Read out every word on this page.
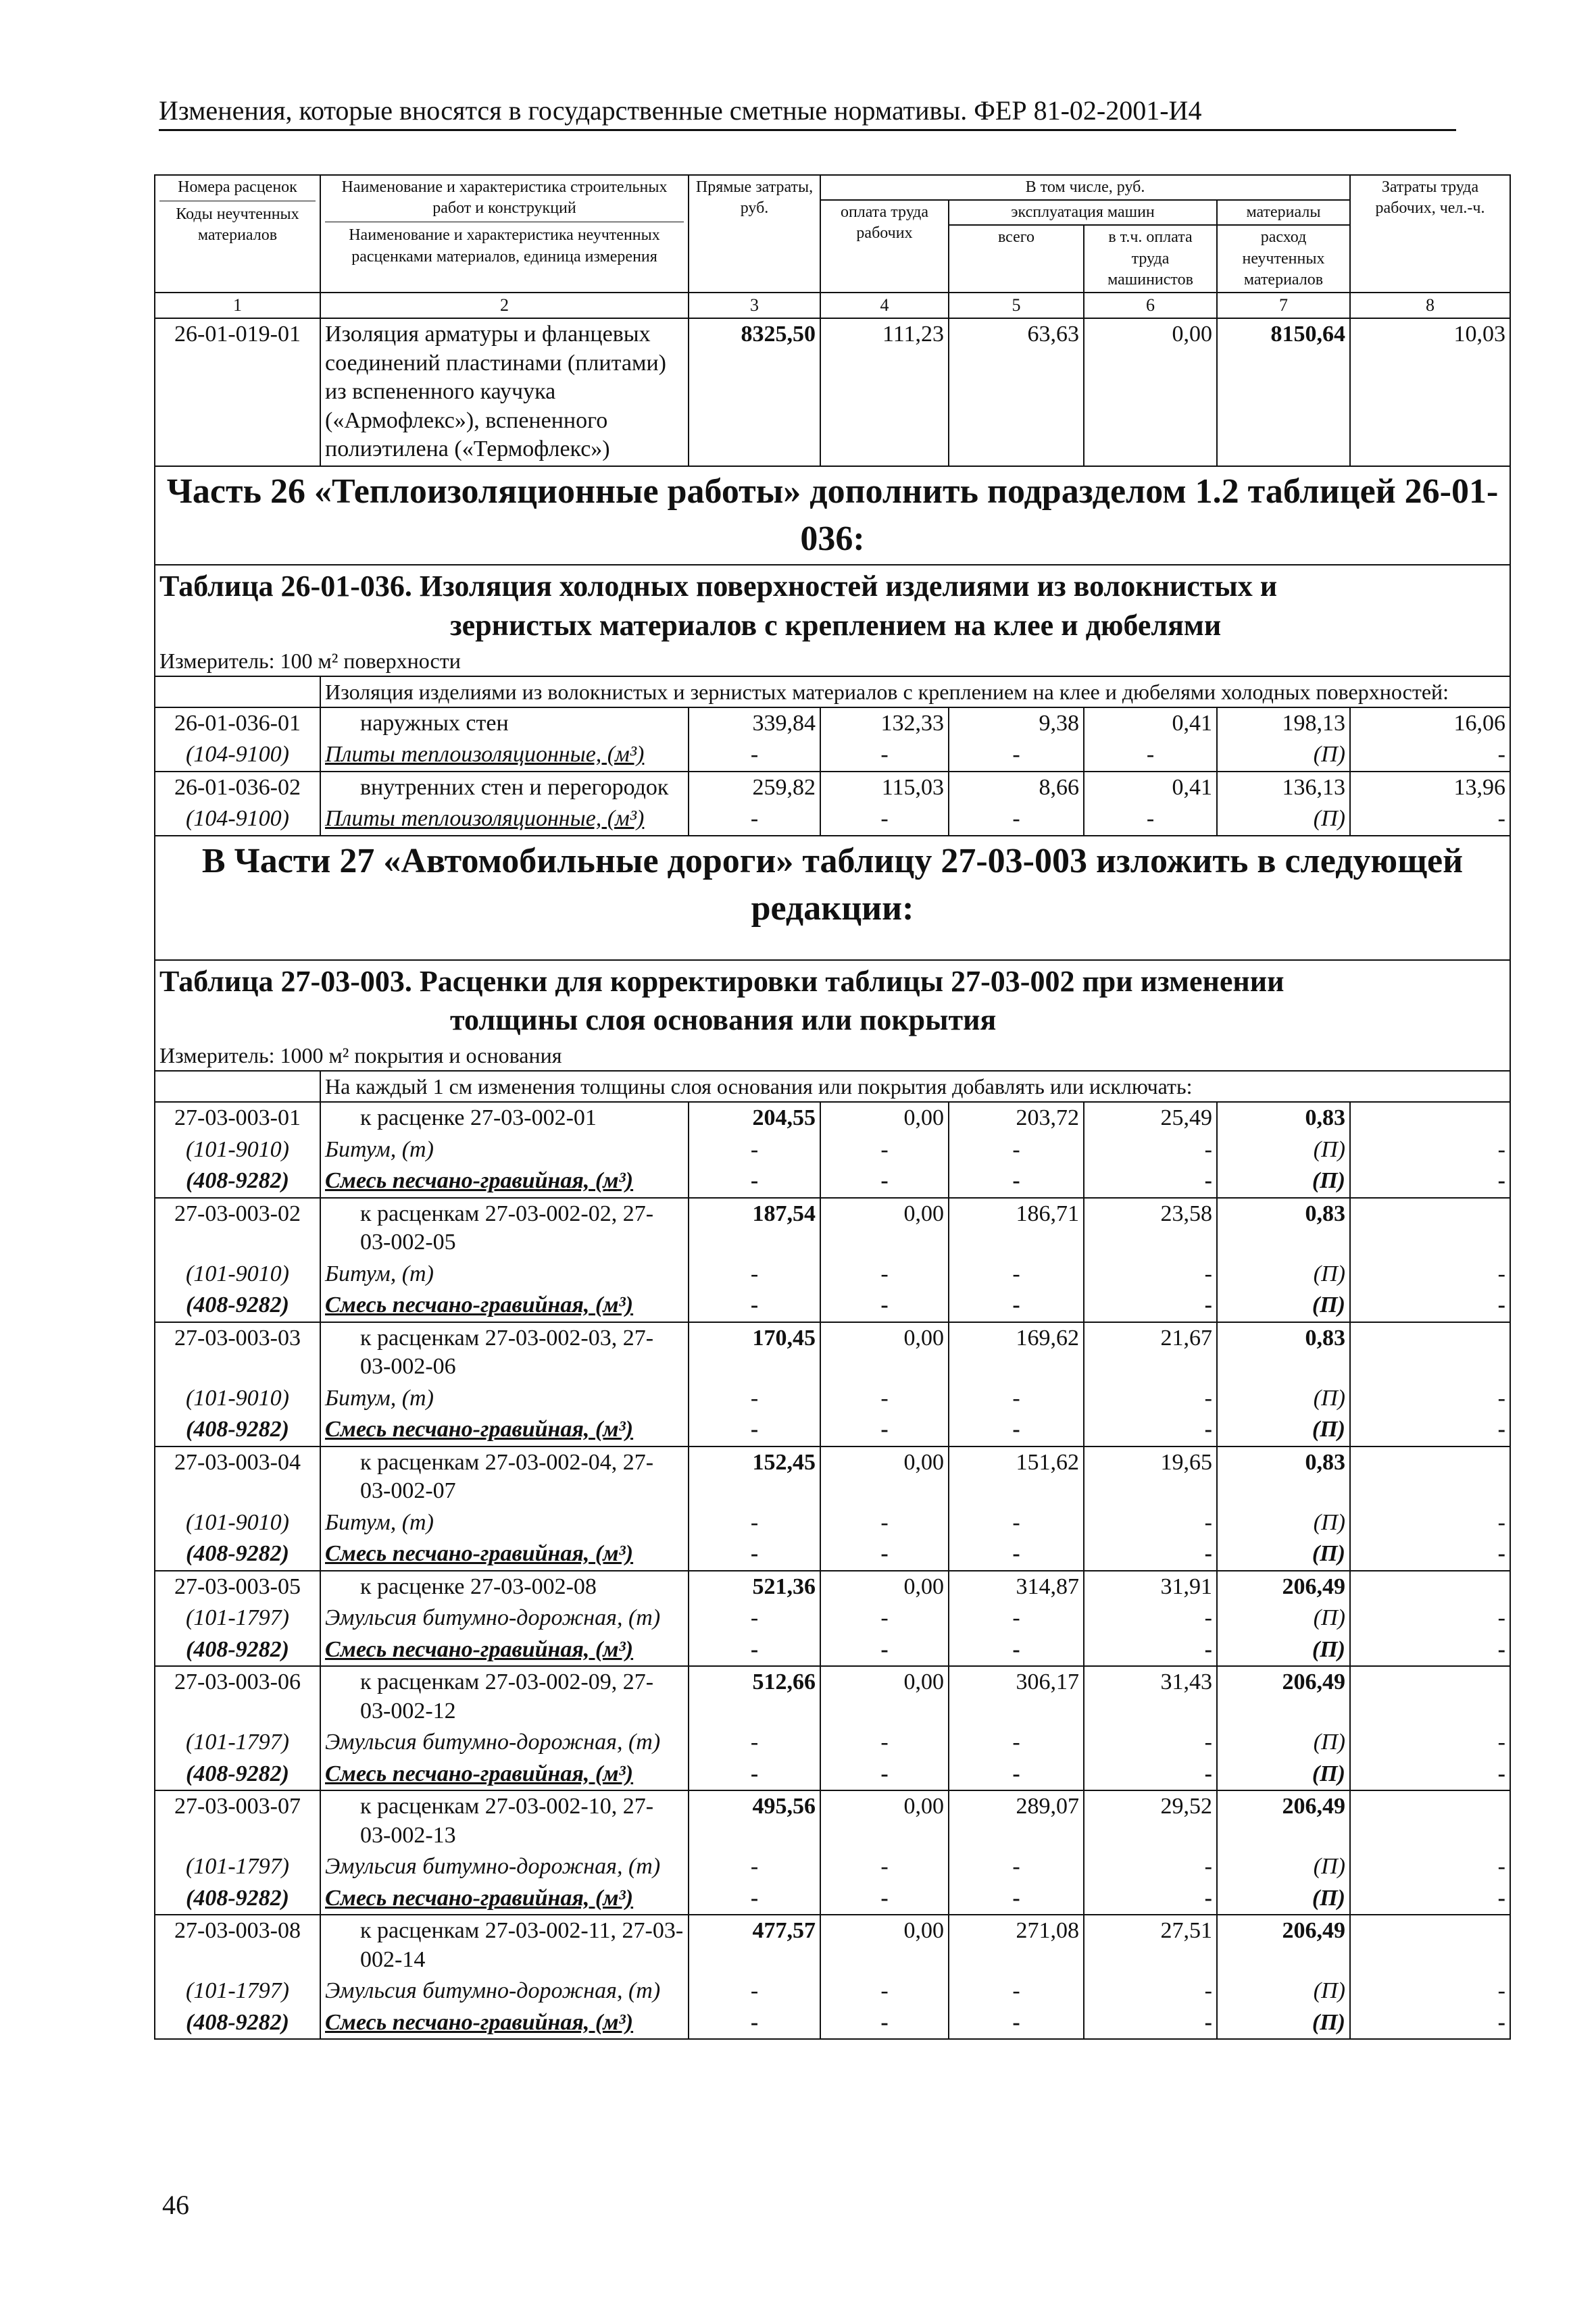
Изменения, которые вносятся в государственные сметные нормативы. ФЕР 81-02-2001-И4
Номера расценок
Коды неучтенных материалов	Наименование и характеристика строительных работ и конструкций
Наименование и характеристика неучтенных расценками материалов, единица измерения	Прямые затраты, руб.	В том числе, руб.				Затраты труда рабочих, чел.-ч.
			оплата труда рабочих	эксплуатация машин		материалы	
				всего	в т.ч. оплата труда машинистов	расход неучтенных материалов	
1	2	3	4	5	6	7	8
26-01-019-01	Изоляция арматуры и фланцевых соединений пластинами (плитами) из вспененного каучука («Армофлекс»), вспененного полиэтилена («Термофлекс»)	8325,50	111,23	63,63	0,00	8150,64	10,03
Часть 26 «Теплоизоляционные работы» дополнить подразделом 1.2 таблицей 26-01-036:							
Таблица 26-01-036. Изоляция холодных поверхностей изделиями из волокнистых и
зернистых материалов с креплением на клее и дюбелями							

Измеритель: 100 м² поверхности							
	Изоляция изделиями из волокнистых и зернистых материалов с креплением на клее и дюбелями холодных поверхностей:						
26-01-036-01	наружных стен	339,84	132,33	9,38	0,41	198,13	16,06
(104-9100)	Плиты теплоизоляционные, (м³)	-	-	-	-	(П)	-
26-01-036-02	внутренних стен и перегородок	259,82	115,03	8,66	0,41	136,13	13,96
(104-9100)	Плиты теплоизоляционные, (м³)	-	-	-	-	(П)	-
В Части 27 «Автомобильные дороги» таблицу 27-03-003 изложить в следующей редакции:							
Таблица 27-03-003. Расценки для корректировки таблицы 27-03-002 при изменении
толщины слоя основания или покрытия							

Измеритель: 1000 м² покрытия и основания							
	На каждый 1 см изменения толщины слоя основания или покрытия добавлять или исключать:						
27-03-003-01	к расценке 27-03-002-01	204,55	0,00	203,72	25,49	0,83	
(101-9010)	Битум, (т)	-	-	-	-	(П)	-
(408-9282)	Смесь песчано-гравийная, (м³)	-	-	-	-	(П)	-
27-03-003-02	к расценкам 27-03-002-02, 27-03-002-05	187,54	0,00	186,71	23,58	0,83	
(101-9010)	Битум, (т)	-	-	-	-	(П)	-
(408-9282)	Смесь песчано-гравийная, (м³)	-	-	-	-	(П)	-
27-03-003-03	к расценкам 27-03-002-03, 27-03-002-06	170,45	0,00	169,62	21,67	0,83	
(101-9010)	Битум, (т)	-	-	-	-	(П)	-
(408-9282)	Смесь песчано-гравийная, (м³)	-	-	-	-	(П)	-
27-03-003-04	к расценкам 27-03-002-04, 27-03-002-07	152,45	0,00	151,62	19,65	0,83	
(101-9010)	Битум, (т)	-	-	-	-	(П)	-
(408-9282)	Смесь песчано-гравийная, (м³)	-	-	-	-	(П)	-
27-03-003-05	к расценке 27-03-002-08	521,36	0,00	314,87	31,91	206,49	
(101-1797)	Эмульсия битумно-дорожная, (т)	-	-	-	-	(П)	-
(408-9282)	Смесь песчано-гравийная, (м³)	-	-	-	-	(П)	-
27-03-003-06	к расценкам 27-03-002-09, 27-03-002-12	512,66	0,00	306,17	31,43	206,49	
(101-1797)	Эмульсия битумно-дорожная, (т)	-	-	-	-	(П)	-
(408-9282)	Смесь песчано-гравийная, (м³)	-	-	-	-	(П)	-
27-03-003-07	к расценкам 27-03-002-10, 27-03-002-13	495,56	0,00	289,07	29,52	206,49	
(101-1797)	Эмульсия битумно-дорожная, (т)	-	-	-	-	(П)	-
(408-9282)	Смесь песчано-гравийная, (м³)	-	-	-	-	(П)	-
27-03-003-08	к расценкам 27-03-002-11, 27-03-002-14	477,57	0,00	271,08	27,51	206,49	
(101-1797)	Эмульсия битумно-дорожная, (т)	-	-	-	-	(П)	-
(408-9282)	Смесь песчано-гравийная, (м³)	-	-	-	-	(П)	-
46
